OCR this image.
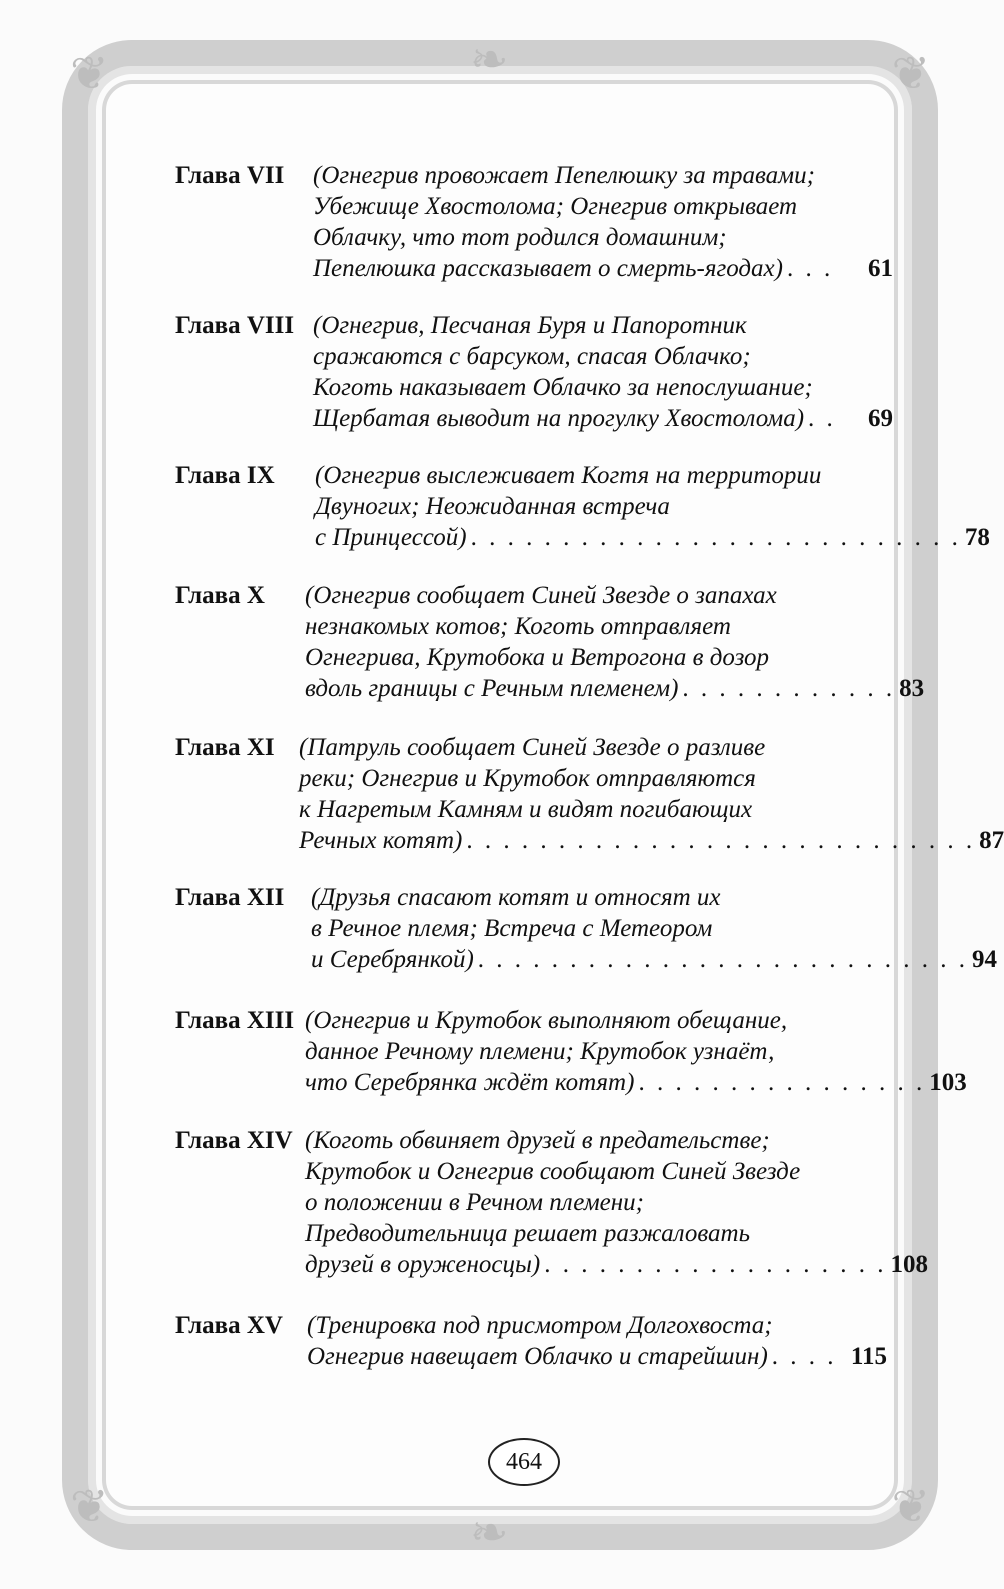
❦	❦
❦	❦
❧
❧
Глава VII (Огнегрив провожает Пепелюшку за травами;
Убежище Хвостолома; Огнегрив открывает
Облачку, что тот родился домашним;
Пепелюшка рассказывает о смерть-ягодах) . . .	61
Глава VIII (Огнегрив, Песчаная Буря и Папоротник
сражаются с барсуком, спасая Облачко;
Коготь наказывает Облачко за непослушание;
Щербатая выводит на прогулку Хвостолома) . .	69
Глава IX (Огнегрив выслеживает Когтя на территории
Двуногих; Неожиданная встреча
с Принцессой) . . . . . . . . . . . . . . . . . . . . . . . . . . . 78
Глава X (Огнегрив сообщает Синей Звезде о запахах
незнакомых котов; Коготь отправляет
Огнегрива, Крутобока и Ветрогона в дозор
вдоль границы с Речным племенем) . . . . . . . . . . . . 83
Глава XI (Патруль сообщает Синей Звезде о разливе
реки; Огнегрив и Крутобок отправляются
к Нагретым Камням и видят погибающих
Речных котят) . . . . . . . . . . . . . . . . . . . . . . . . . . . . 87
Глава XII (Друзья спасают котят и относят их
в Речное племя; Встреча с Метеором
и Серебрянкой) . . . . . . . . . . . . . . . . . . . . . . . . . . . 94
Глава XIII (Огнегрив и Крутобок выполняют обещание,
данное Речному племени; Крутобок узнаёт,
что Серебрянка ждёт котят) . . . . . . . . . . . . . . . . 103
Глава XIV (Коготь обвиняет друзей в предательстве;
Крутобок и Огнегрив сообщают Синей Звезде
о положении в Речном племени;
Предводительница решает разжаловать
друзей в оруженосцы) . . . . . . . . . . . . . . . . . . . 108
Глава XV (Тренировка под присмотром Долгохвоста;
Огнегрив навещает Облачко и старейшин) . . . . 115
464
